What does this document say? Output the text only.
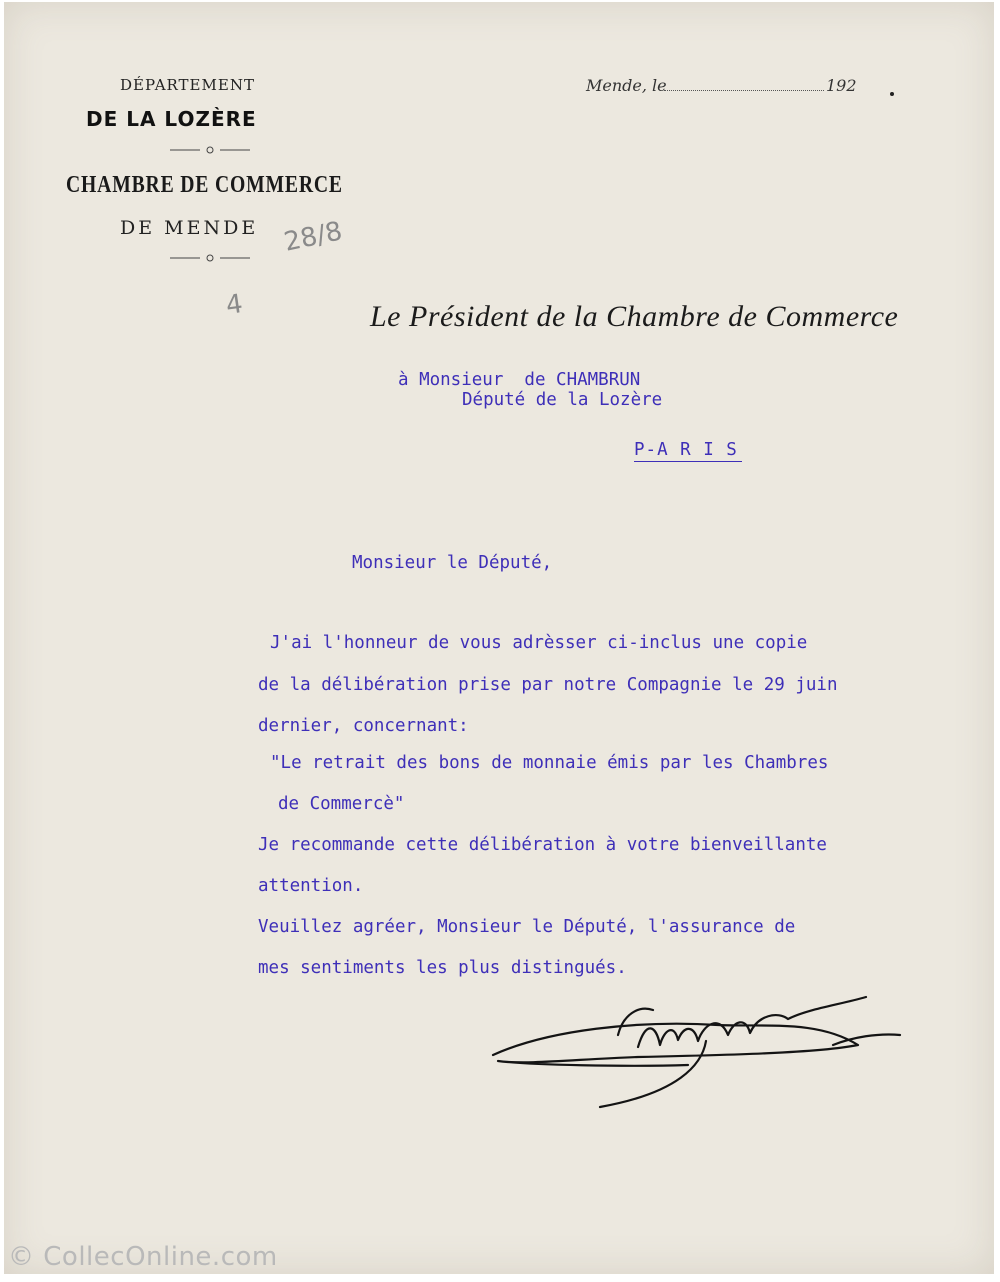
DÉPARTEMENT
DE LA LOZÈRE
CHAMBRE DE COMMERCE
DE MENDE
Mende, le	192
28/8
4	Le Président de la Chambre de Commerce
à Monsieur  de CHAMBRUN
Député de la Lozère
P-A R I S
Monsieur le Député,
J'ai l'honneur de vous adrèsser ci-inclus une copie
de la délibération prise par notre Compagnie le 29 juin
dernier, concernant:
"Le retrait des bons de monnaie émis par les Chambres
de Commercè"
Je recommande cette délibération à votre bienveillante
attention.
Veuillez agréer, Monsieur le Député, l'assurance de
mes sentiments les plus distingués.
© CollecOnline.com
